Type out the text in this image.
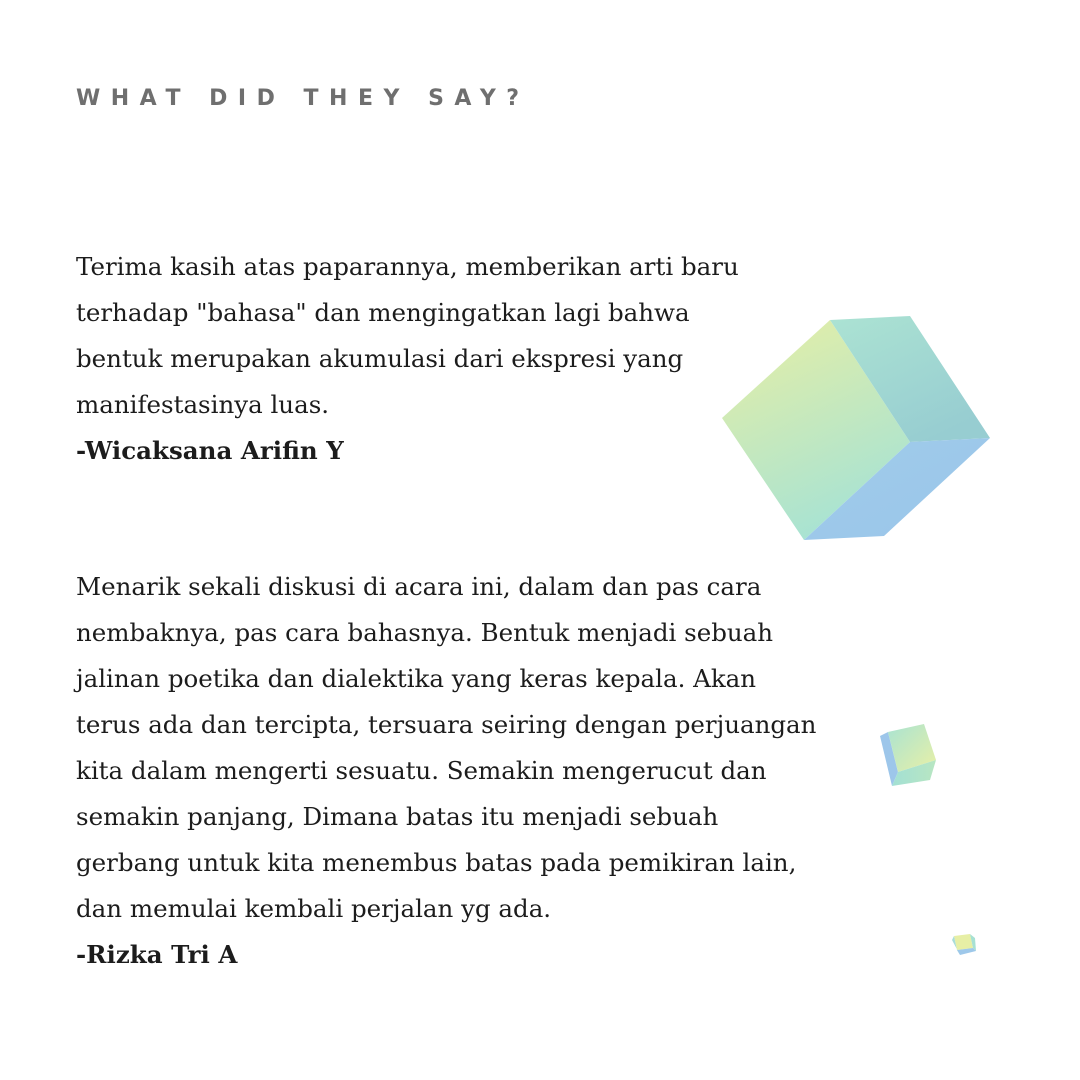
WHAT DID THEY SAY?
Terima kasih atas paparannya, memberikan arti baru
terhadap "bahasa" dan mengingatkan lagi bahwa
bentuk merupakan akumulasi dari ekspresi yang
manifestasinya luas.
-Wicaksana Arifin Y
Menarik sekali diskusi di acara ini, dalam dan pas cara
nembaknya, pas cara bahasnya. Bentuk menjadi sebuah
jalinan poetika dan dialektika yang keras kepala. Akan
terus ada dan tercipta, tersuara seiring dengan perjuangan
kita dalam mengerti sesuatu. Semakin mengerucut dan
semakin panjang, Dimana batas itu menjadi sebuah
gerbang untuk kita menembus batas pada pemikiran lain,
dan memulai kembali perjalan yg ada.
-Rizka Tri A
